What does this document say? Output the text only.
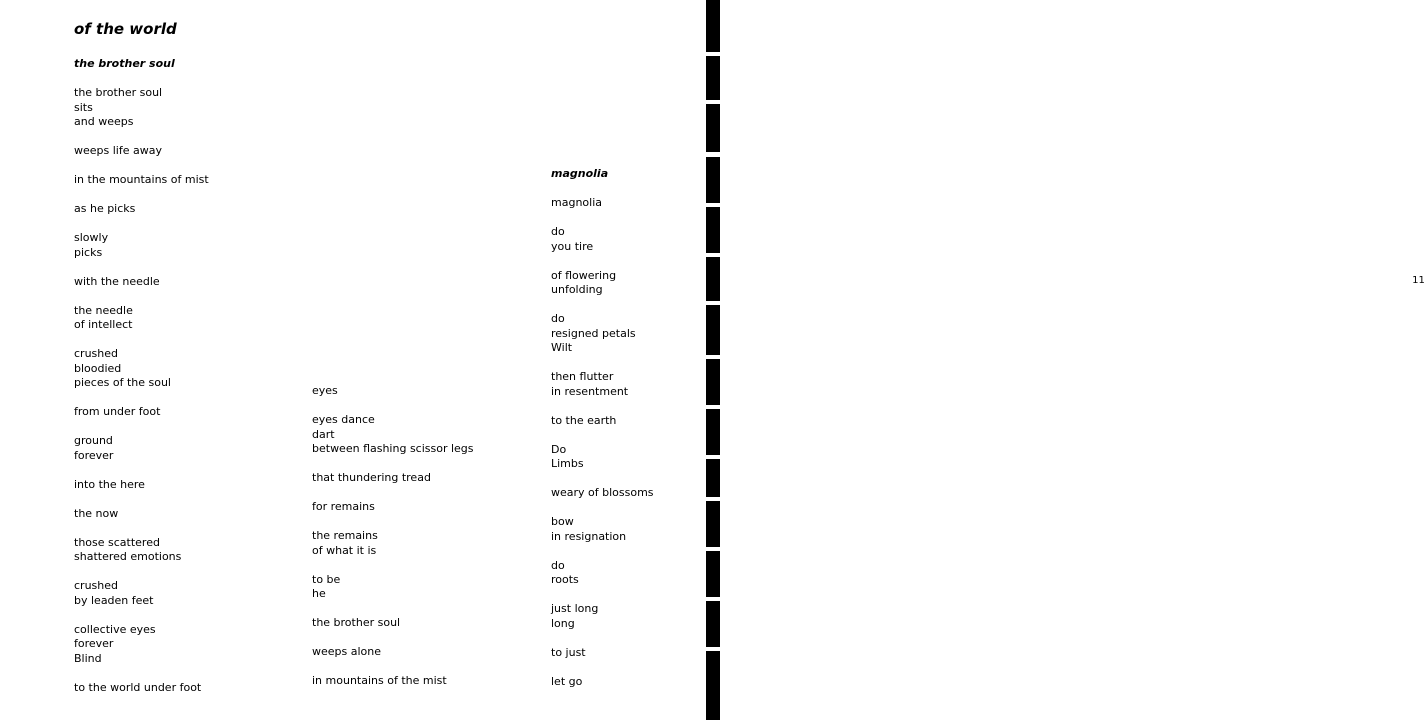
of the world
the brother soul
the brother soul
sits
and weeps
weeps life away
in the mountains of mist
as he picks
slowly
picks
with the needle
the needle
of intellect
crushed
bloodied
pieces of the soul
from under foot
ground
forever
into the here
the now
those scattered
shattered emotions
crushed
by leaden feet
collective eyes
forever
Blind
to the world under foot
eyes
eyes dance
dart
between flashing scissor legs
that thundering tread
for remains
the remains
of what it is
to be
he
the brother soul
weeps alone
in mountains of the mist
magnolia
magnolia
do
you tire
of flowering
unfolding
do
resigned petals
Wilt
then flutter
in resentment
to the earth
Do
Limbs
weary of blossoms
bow
in resignation
do
roots
just long
long
to just
let go
11
